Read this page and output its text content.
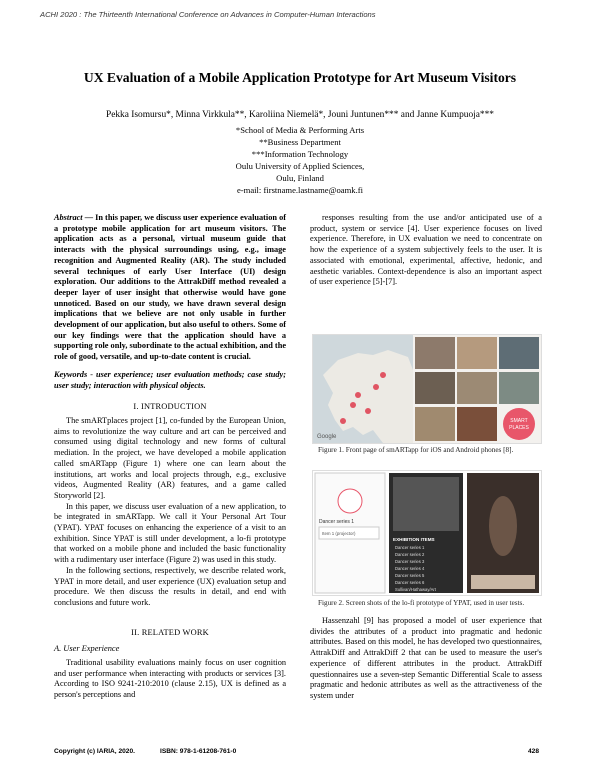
ACHI 2020 : The Thirteenth International Conference on Advances in Computer-Human Interactions
UX Evaluation of a Mobile Application Prototype for Art Museum Visitors
Pekka Isomursu*, Minna Virkkula**, Karoliina Niemelä*, Jouni Juntunen*** and Janne Kumpuoja***
*School of Media & Performing Arts
**Business Department
***Information Technology
Oulu University of Applied Sciences,
Oulu, Finland
e-mail: firstname.lastname@oamk.fi

Abstract — In this paper, we discuss user experience evaluation of a prototype mobile application for art museum visitors. The application acts as a personal, virtual museum guide that interacts with the physical surroundings using, e.g., image recognition and Augmented Reality (AR). The study included several techniques of early User Interface (UI) design exploration. Our additions to the AttrakDiff method revealed a deeper layer of user insight that otherwise would have gone unnoticed. Based on our study, we have drawn several design implications that we believe are not only usable in further development of our application, but also useful to others. Some of our key findings were that the application should have a supporting role only, subordinate to the actual exhibition, and the role of good, versatile, and up-to-date content is crucial.

Keywords - user experience; user evaluation methods; case study; user study; interaction with physical objects.
I. INTRODUCTION

The smARTplaces project [1], co-funded by the European Union, aims to revolutionize the way culture and art can be perceived and consumed using digital technology and new forms of cultural mediation. In the project, we have developed a mobile application called smARTapp (Figure 1) where one can learn about the institutions, art works and local projects through, e.g., exclusive videos, Augmented Reality (AR) features, and a game called Storyworld [2].

In this paper, we discuss user evaluation of a new application, to be integrated in smARTapp. We call it Your Personal Art Tour (YPAT). YPAT focuses on enhancing the experience of a visit to an exhibition. Since YPAT is still under development, a lo-fi prototype that worked on a mobile phone and included the basic functionality with a rudimentary user interface (Figure 2) was used in this study.

In the following sections, respectively, we describe related work, YPAT in more detail, and user experience (UX) evaluation setup and procedure. We then discuss the results in detail, and end with conclusions and future work.

II. RELATED WORK
A. User Experience
Traditional usability evaluations mainly focus on user cognition and user performance when interacting with products or services [3]. According to ISO 9241-210:2010 (clause 2.15), UX is defined as a person's perceptions and
responses resulting from the use and/or anticipated use of a product, system or service [4]. User experience focuses on lived experience. Therefore, in UX evaluation we need to concentrate on how the experience of a system subjectively feels to the user. It is associated with emotional, experimental, affective, hedonic, and aesthetic variables. Context-dependence is also an important aspect of user experience [5]-[7].
Google
SMART
PLACES
Figure 1. Front page of smARTapp for iOS and Android phones [8].
Dancer series 1
Item 1 (projector)
EXHIBITION ITEMS
Dancer series 1
Dancer series 2
Dancer series 3
Dancer series 4
Dancer series 5
Dancer series 6
Sullivan/Hathaway/Art
Figure 2. Screen shots of the lo-fi prototype of YPAT, used in user tests.
Hassenzahl [9] has proposed a model of user experience that divides the attributes of a product into pragmatic and hedonic attributes. Based on this model, he has developed two questionnaires, AttrakDiff and AttrakDiff 2 that can be used to measure the user's experience of different attributes in the product. AttrakDiff questionnaires use a seven-step Semantic Differential Scale to assess pragmatic and hedonic attributes as well as the attractiveness of the system under
Copyright (c) IARIA, 2020.	ISBN: 978-1-61208-761-0	428
